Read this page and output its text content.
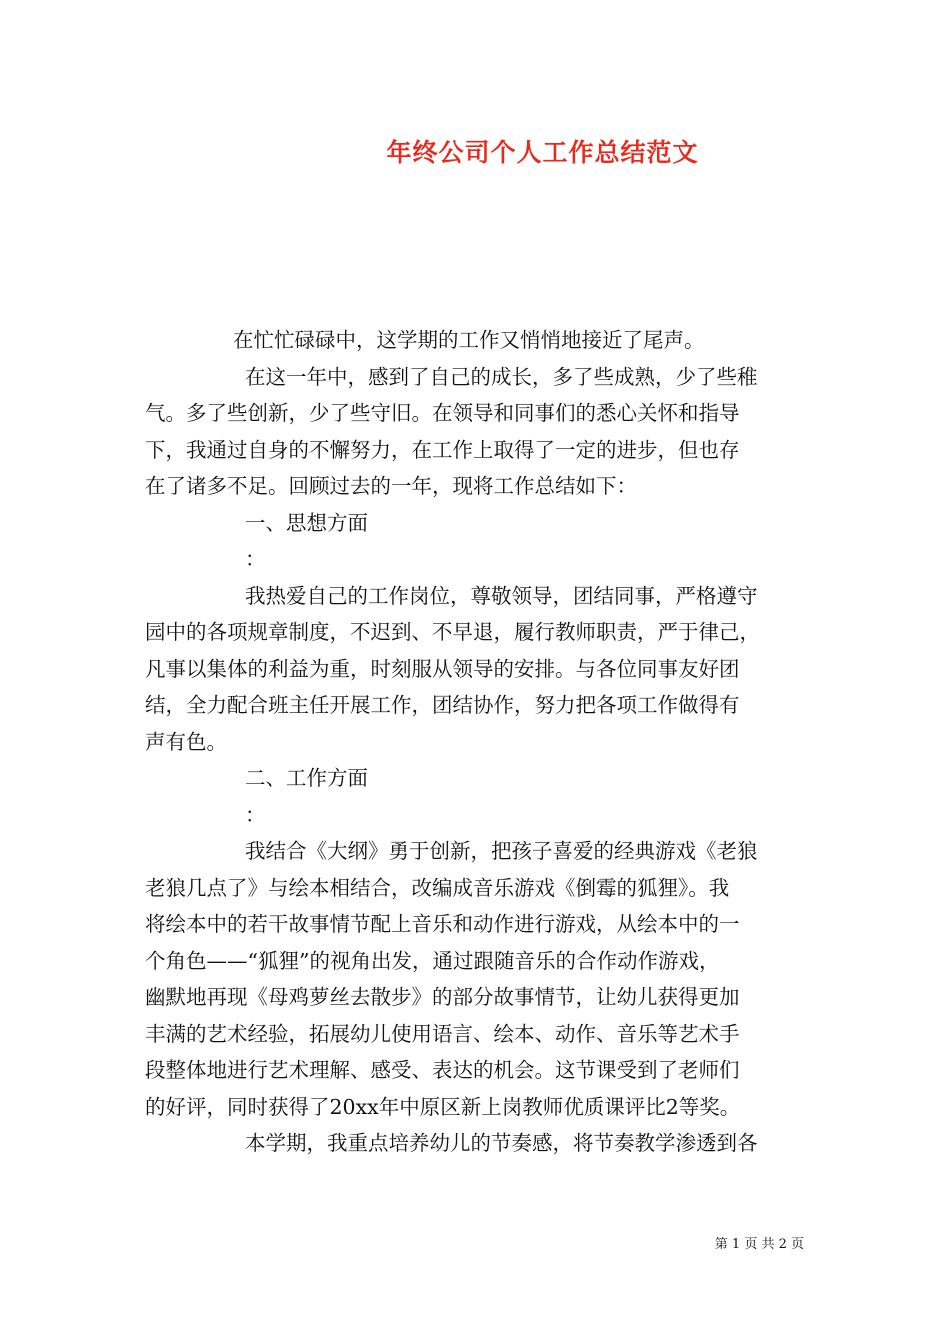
年终公司个人工作总结范文

在忙忙碌碌中，这学期的工作又悄悄地接近了尾声。

在这一年中，感到了自己的成长，多了些成熟，少了些稚

气。多了些创新，少了些守旧。在领导和同事们的悉心关怀和指导

下，我通过自身的不懈努力，在工作上取得了一定的进步，但也存

在了诸多不足。回顾过去的一年，现将工作总结如下：

一、思想方面

：

我热爱自己的工作岗位，尊敬领导，团结同事，严格遵守

园中的各项规章制度，不迟到、不早退，履行教师职责，严于律己，

凡事以集体的利益为重，时刻服从领导的安排。与各位同事友好团

结，全力配合班主任开展工作，团结协作，努力把各项工作做得有

声有色。

二、工作方面

：

我结合《大纲》勇于创新，把孩子喜爱的经典游戏《老狼

老狼几点了》与绘本相结合，改编成音乐游戏《倒霉的狐狸》。我

将绘本中的若干故事情节配上音乐和动作进行游戏，从绘本中的一

个角色——“狐狸”的视角出发，通过跟随音乐的合作动作游戏，

幽默地再现《母鸡萝丝去散步》的部分故事情节，让幼儿获得更加

丰满的艺术经验，拓展幼儿使用语言、绘本、动作、音乐等艺术手

段整体地进行艺术理解、感受、表达的机会。这节课受到了老师们

的好评，同时获得了20xx年中原区新上岗教师优质课评比2等奖。

本学期，我重点培养幼儿的节奏感，将节奏教学渗透到各

第 1 页 共 2 页
